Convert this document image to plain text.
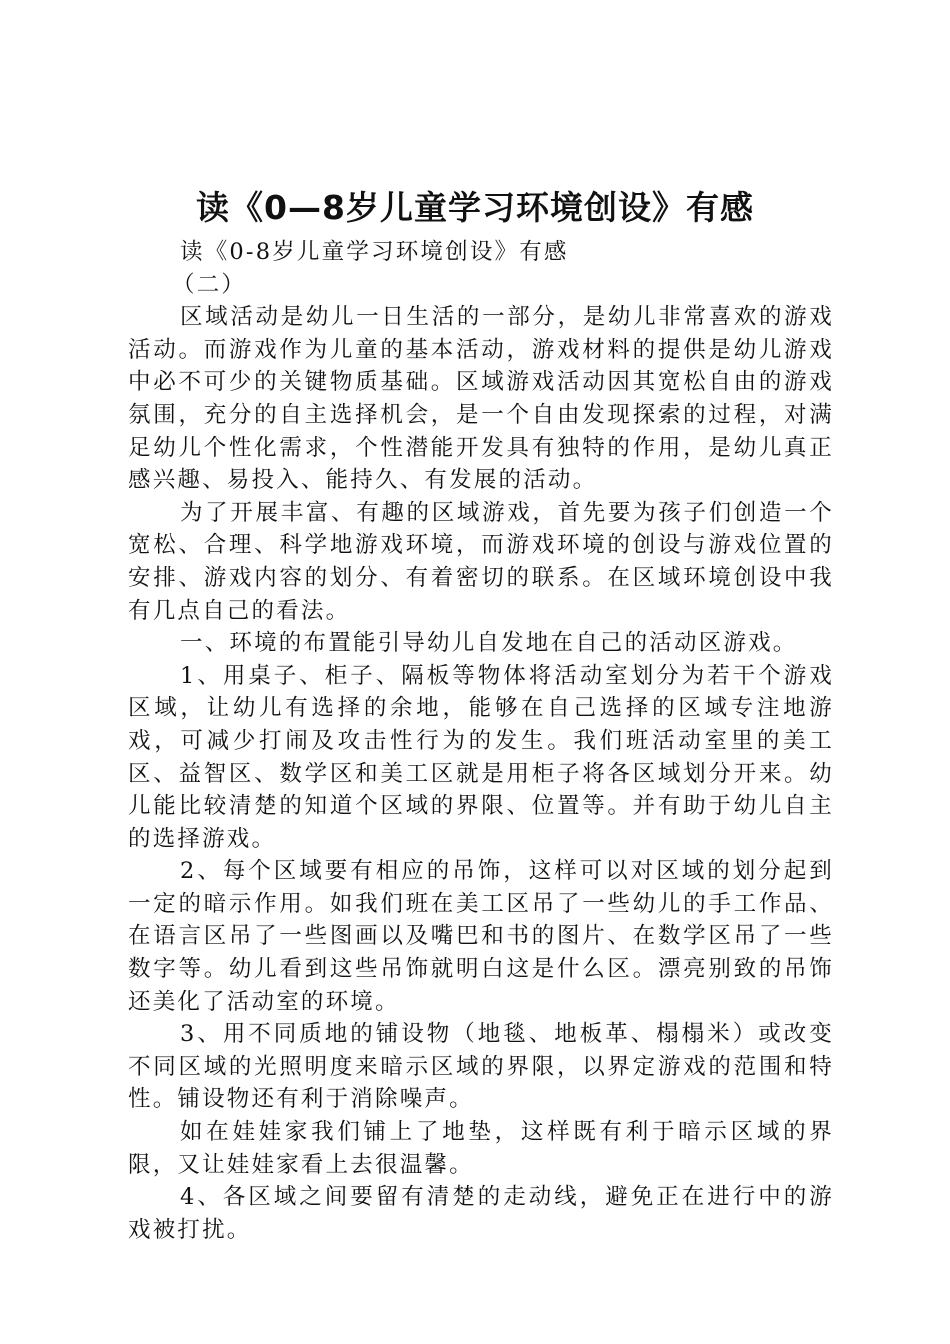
读《0—8岁儿童学习环境创设》有感

读《0-8岁儿童学习环境创设》有感

（二）

区域活动是幼儿一日生活的一部分，是幼儿非常喜欢的游戏活动。而游戏作为儿童的基本活动，游戏材料的提供是幼儿游戏中必不可少的关键物质基础。区域游戏活动因其宽松自由的游戏氛围，充分的自主选择机会，是一个自由发现探索的过程，对满足幼儿个性化需求，个性潜能开发具有独特的作用，是幼儿真正感兴趣、易投入、能持久、有发展的活动。

为了开展丰富、有趣的区域游戏，首先要为孩子们创造一个宽松、合理、科学地游戏环境，而游戏环境的创设与游戏位置的安排、游戏内容的划分、有着密切的联系。在区域环境创设中我有几点自己的看法。

一、环境的布置能引导幼儿自发地在自己的活动区游戏。

1、用桌子、柜子、隔板等物体将活动室划分为若干个游戏区域，让幼儿有选择的余地，能够在自己选择的区域专注地游戏，可减少打闹及攻击性行为的发生。我们班活动室里的美工区、益智区、数学区和美工区就是用柜子将各区域划分开来。幼儿能比较清楚的知道个区域的界限、位置等。并有助于幼儿自主的选择游戏。

2、每个区域要有相应的吊饰，这样可以对区域的划分起到一定的暗示作用。如我们班在美工区吊了一些幼儿的手工作品、在语言区吊了一些图画以及嘴巴和书的图片、在数学区吊了一些数字等。幼儿看到这些吊饰就明白这是什么区。漂亮别致的吊饰还美化了活动室的环境。

3、用不同质地的铺设物（地毯、地板革、榻榻米）或改变不同区域的光照明度来暗示区域的界限，以界定游戏的范围和特性。铺设物还有利于消除噪声。

如在娃娃家我们铺上了地垫，这样既有利于暗示区域的界限，又让娃娃家看上去很温馨。

4、各区域之间要留有清楚的走动线，避免正在进行中的游戏被打扰。
